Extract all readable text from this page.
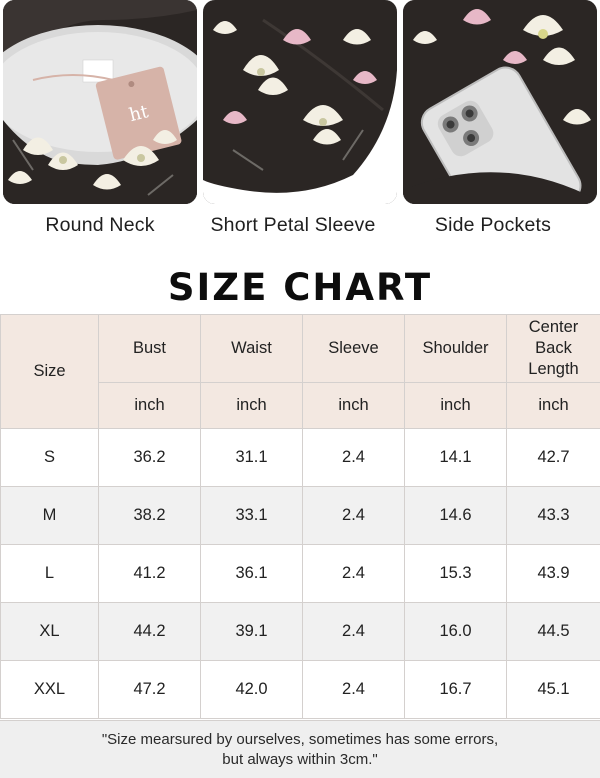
ht
Round Neck	Short Petal Sleeve	Side Pockets
SIZE CHART
Size	Bust	Waist	Sleeve	Shoulder	Center
Back
Length

	inch	inch	inch	inch	inch
S	36.2	31.1	2.4	14.1	42.7
M	38.2	33.1	2.4	14.6	43.3
L	41.2	36.1	2.4	15.3	43.9
XL	44.2	39.1	2.4	16.0	44.5
XXL	47.2	42.0	2.4	16.7	45.1
"Size mearsured by ourselves, sometimes has some errors,
but always within 3cm."
